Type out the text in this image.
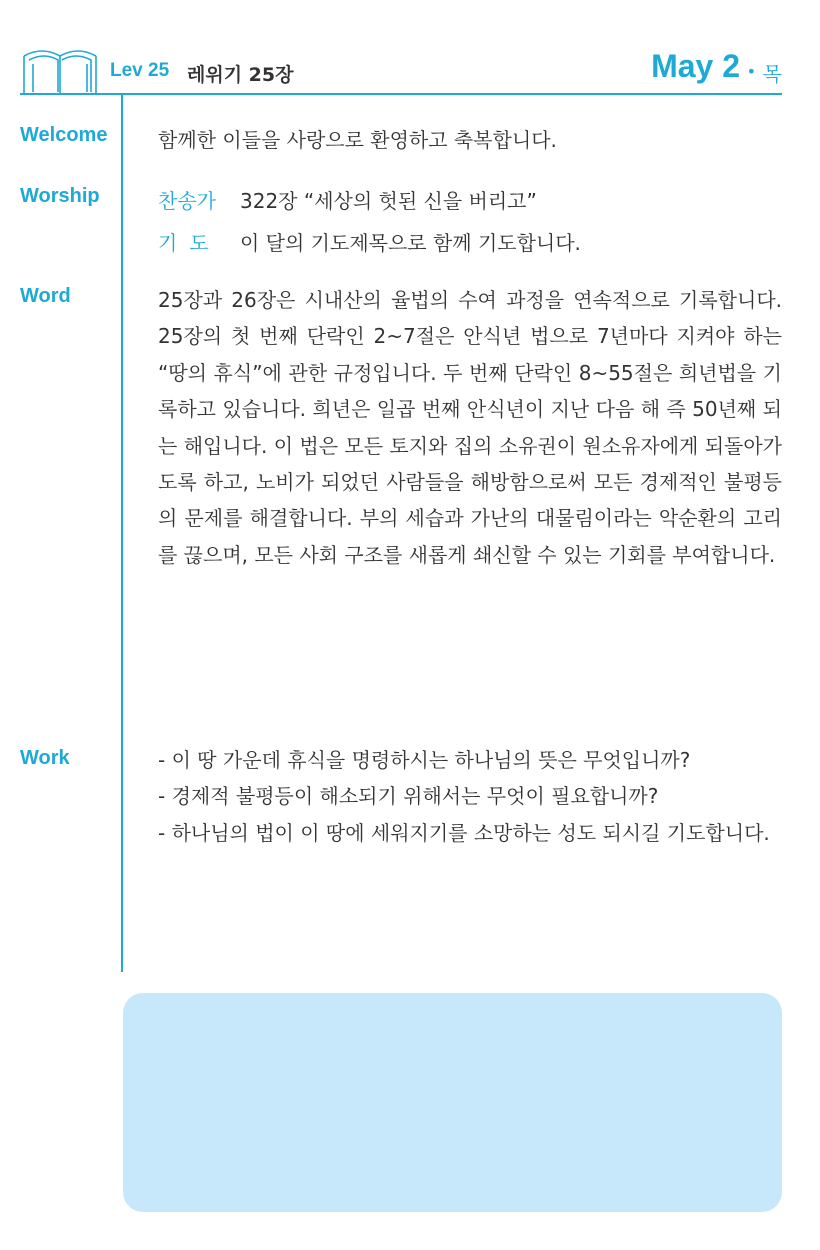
Lev 25 레위기 25장	May 2 • 목
Welcome	함께한 이들을 사랑으로 환영하고 축복합니다.
Worship	찬송가 322장 “세상의 헛된 신을 버리고”
기도 이 달의 기도제목으로 함께 기도합니다.
Word	25장과 26장은 시내산의 율법의 수여 과정을 연속적으로 기록합니다. 25장의 첫 번째 단락인 2~7절은 안식년 법으로 7년마다 지켜야 하는 “땅의 휴식”에 관한 규정입니다. 두 번째 단락인 8~55절은 희년법을 기록하고 있습니다. 희년은 일곱 번째 안식년이 지난 다음 해 즉 50년째 되는 해입니다. 이 법은 모든 토지와 집의 소유권이 원소유자에게 되돌아가도록 하고, 노비가 되었던 사람들을 해방함으로써 모든 경제적인 불평등의 문제를 해결합니다. 부의 세습과 가난의 대물림이라는 악순환의 고리를 끊으며, 모든 사회 구조를 새롭게 쇄신할 수 있는 기회를 부여합니다.
Work	- 이 땅 가운데 휴식을 명령하시는 하나님의 뜻은 무엇입니까?
- 경제적 불평등이 해소되기 위해서는 무엇이 필요합니까?
- 하나님의 법이 이 땅에 세워지기를 소망하는 성도 되시길 기도합니다.
